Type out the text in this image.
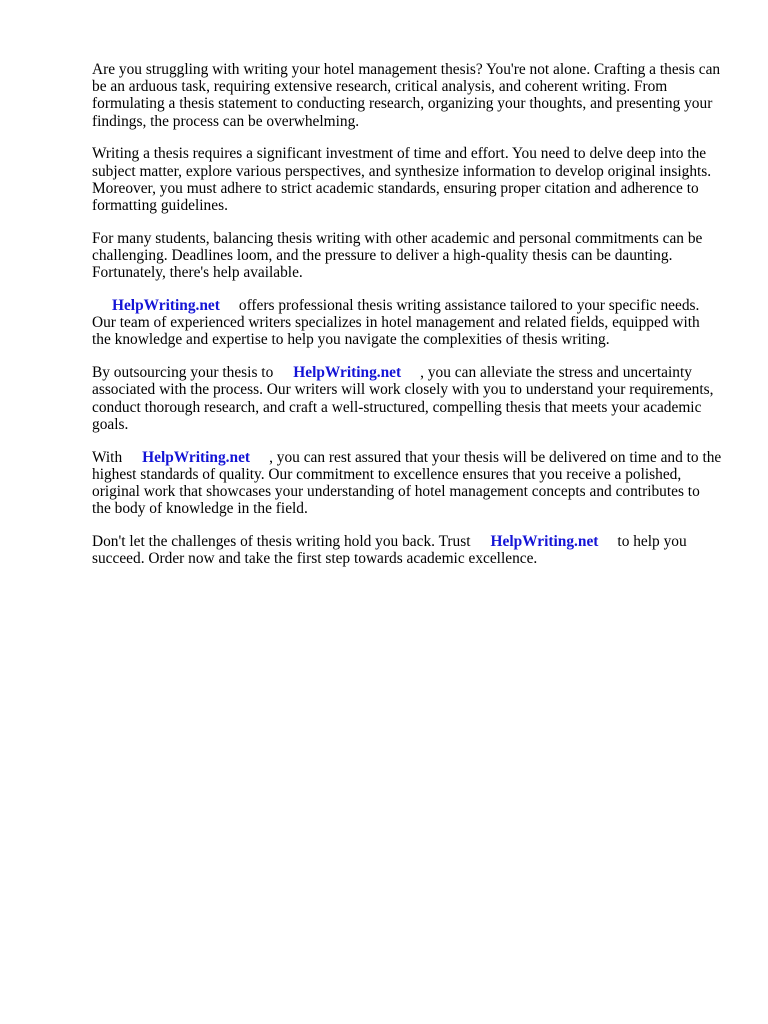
Are you struggling with writing your hotel management thesis? You're not alone. Crafting a thesis can be an arduous task, requiring extensive research, critical analysis, and coherent writing. From formulating a thesis statement to conducting research, organizing your thoughts, and presenting your findings, the process can be overwhelming.

Writing a thesis requires a significant investment of time and effort. You need to delve deep into the subject matter, explore various perspectives, and synthesize information to develop original insights. Moreover, you must adhere to strict academic standards, ensuring proper citation and adherence to formatting guidelines.

For many students, balancing thesis writing with other academic and personal commitments can be challenging. Deadlines loom, and the pressure to deliver a high-quality thesis can be daunting. Fortunately, there's help available.

HelpWriting.net offers professional thesis writing assistance tailored to your specific needs. Our team of experienced writers specializes in hotel management and related fields, equipped with the knowledge and expertise to help you navigate the complexities of thesis writing.

By outsourcing your thesis to HelpWriting.net , you can alleviate the stress and uncertainty associated with the process. Our writers will work closely with you to understand your requirements, conduct thorough research, and craft a well-structured, compelling thesis that meets your academic goals.

With HelpWriting.net , you can rest assured that your thesis will be delivered on time and to the highest standards of quality. Our commitment to excellence ensures that you receive a polished, original work that showcases your understanding of hotel management concepts and contributes to the body of knowledge in the field.

Don't let the challenges of thesis writing hold you back. Trust HelpWriting.net to help you succeed. Order now and take the first step towards academic excellence.
